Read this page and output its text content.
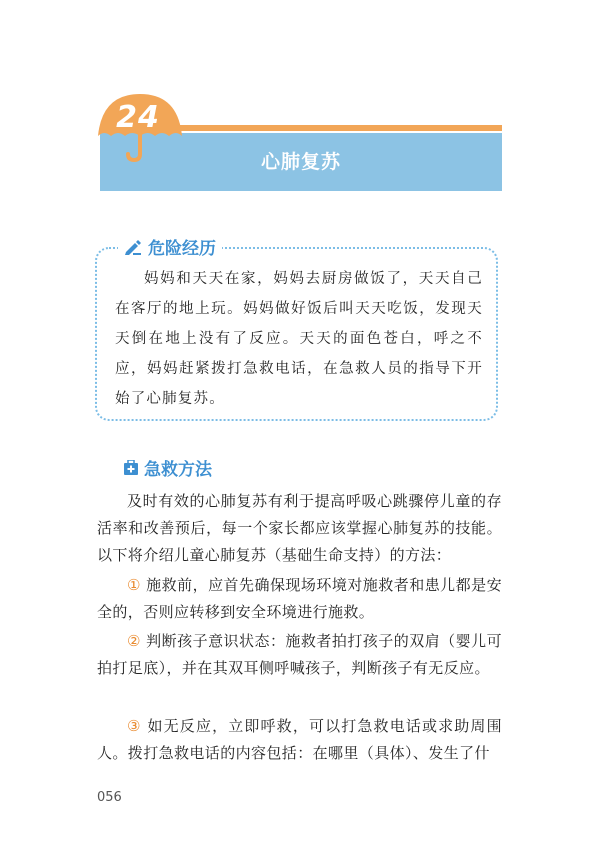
心肺复苏
24
危险经历
妈妈和天天在家，妈妈去厨房做饭了，天天自己在客厅的地上玩。妈妈做好饭后叫天天吃饭，发现天天倒在地上没有了反应。天天的面色苍白，呼之不应，妈妈赶紧拨打急救电话，在急救人员的指导下开始了心肺复苏。
急救方法
及时有效的心肺复苏有利于提高呼吸心跳骤停儿童的存活率和改善预后，每一个家长都应该掌握心肺复苏的技能。以下将介绍儿童心肺复苏（基础生命支持）的方法：
① 施救前，应首先确保现场环境对施救者和患儿都是安全的，否则应转移到安全环境进行施救。
② 判断孩子意识状态：施救者拍打孩子的双肩（婴儿可拍打足底），并在其双耳侧呼喊孩子，判断孩子有无反应。
③ 如无反应，立即呼救，可以打急救电话或求助周围人。拨打急救电话的内容包括：在哪里（具体）、发生了什
056
